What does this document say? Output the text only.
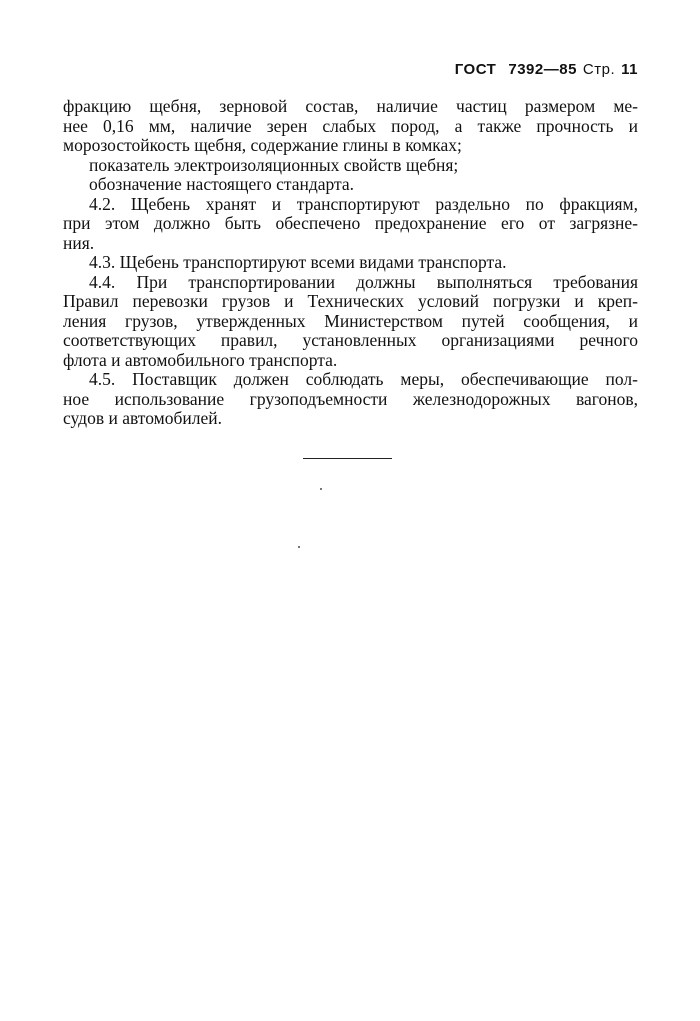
ГОСТ 7392—85 Стр. 11
фракцию щебня, зерновой состав, наличие частиц размером ме-
нее 0,16 мм, наличие зерен слабых пород, а также прочность и
морозостойкость щебня, содержание глины в комках;
показатель электроизоляционных свойств щебня;
обозначение настоящего стандарта.
4.2. Щебень хранят и транспортируют раздельно по фракциям,
при этом должно быть обеспечено предохранение его от загрязне-
ния.
4.3. Щебень транспортируют всеми видами транспорта.
4.4. При транспортировании должны выполняться требования
Правил перевозки грузов и Технических условий погрузки и креп-
ления грузов, утвержденных Министерством путей сообщения, и
соответствующих правил, установленных организациями речного
флота и автомобильного транспорта.
4.5. Поставщик должен соблюдать меры, обеспечивающие пол-
ное использование грузоподъемности железнодорожных вагонов,
судов и автомобилей.
